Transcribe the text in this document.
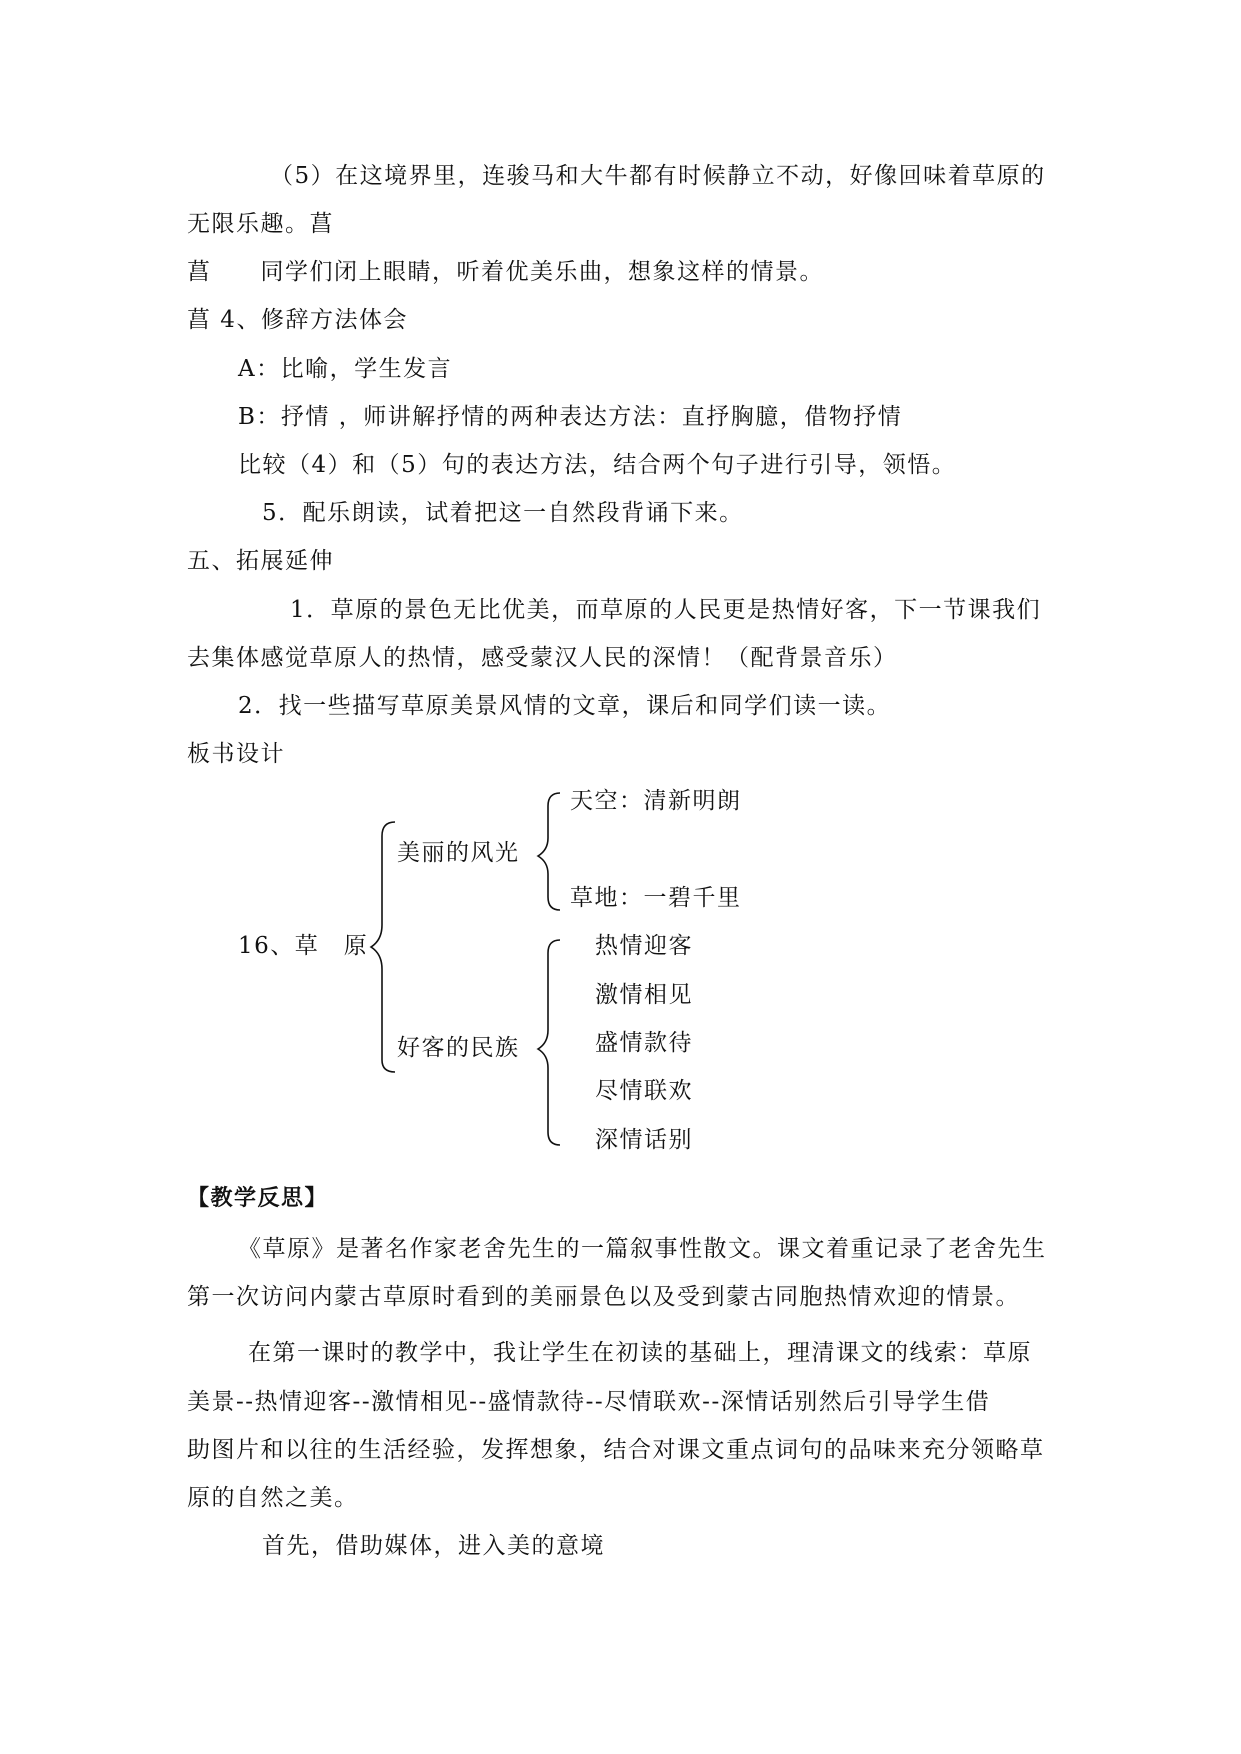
（5）在这境界里，连骏马和大牛都有时候静立不动，好像回味着草原的
无限乐趣。菖
菖　　同学们闭上眼睛，听着优美乐曲，想象这样的情景。
菖 4、修辞方法体会
A：比喻，学生发言
B：抒情 ，师讲解抒情的两种表达方法：直抒胸臆，借物抒情
比较（4）和（5）句的表达方法，结合两个句子进行引导，领悟。
5．配乐朗读，试着把这一自然段背诵下来。
五、拓展延伸
1．草原的景色无比优美，而草原的人民更是热情好客，下一节课我们
去集体感觉草原人的热情，感受蒙汉人民的深情！（配背景音乐）
2．找一些描写草原美景风情的文章，课后和同学们读一读。
板书设计
16、草　原
美丽的风光
天空：清新明朗
草地：一碧千里
好客的民族
热情迎客
激情相见
盛情款待
尽情联欢
深情话别
【教学反思】
《草原》是著名作家老舍先生的一篇叙事性散文。课文着重记录了老舍先生
第一次访问内蒙古草原时看到的美丽景色以及受到蒙古同胞热情欢迎的情景。
在第一课时的教学中，我让学生在初读的基础上，理清课文的线索：草原
美景--热情迎客--激情相见--盛情款待--尽情联欢--深情话别然后引导学生借
助图片和以往的生活经验，发挥想象，结合对课文重点词句的品味来充分领略草
原的自然之美。
首先，借助媒体，进入美的意境
